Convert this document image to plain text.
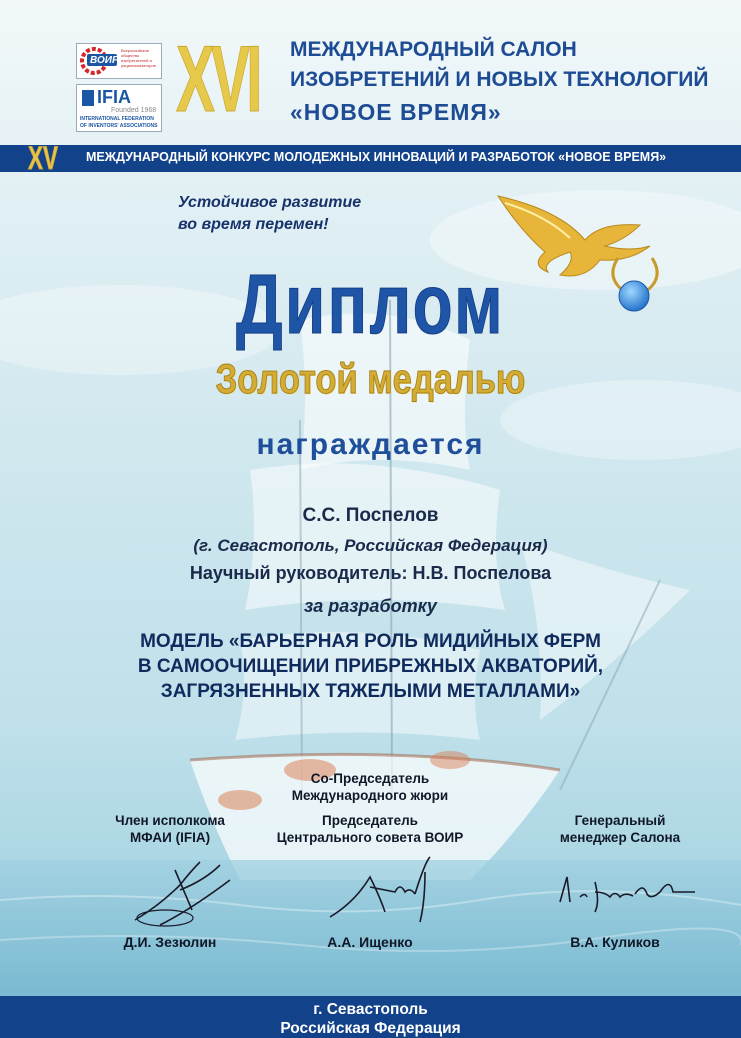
ВОИР
Всероссийское общество изобретателей и рационализаторов
IFIA
Founded 1968
INTERNATIONAL FEDERATION
OF INVENTORS' ASSOCIATIONS XVI МЕЖДУНАРОДНЫЙ САЛОН
ИЗОБРЕТЕНИЙ И НОВЫХ ТЕХНОЛОГИЙ
«НОВОЕ ВРЕМЯ»
XV МЕЖДУНАРОДНЫЙ КОНКУРС МОЛОДЕЖНЫХ ИННОВАЦИЙ И РАЗРАБОТОК «НОВОЕ ВРЕМЯ»
Устойчивое развитие
во время перемен!
Диплом
Золотой медалью
награждается
С.С. Поспелов
(г. Севастополь, Российская Федерация)
Научный руководитель: Н.В. Поспелова
за разработку
МОДЕЛЬ «БАРЬЕРНАЯ РОЛЬ МИДИЙНЫХ ФЕРМ
В САМООЧИЩЕНИИ ПРИБРЕЖНЫХ АКВАТОРИЙ,
ЗАГРЯЗНЕННЫХ ТЯЖЕЛЫМИ МЕТАЛЛАМИ»
Со-Председатель
Международного жюри
Член исполкома
МФАИ (IFIA)
Председатель
Центрального совета ВОИР
Генеральный
менеджер Салона
Д.И. Зезюлин	А.А. Ищенко	В.А. Куликов
г. Севастополь
Российская Федерация
